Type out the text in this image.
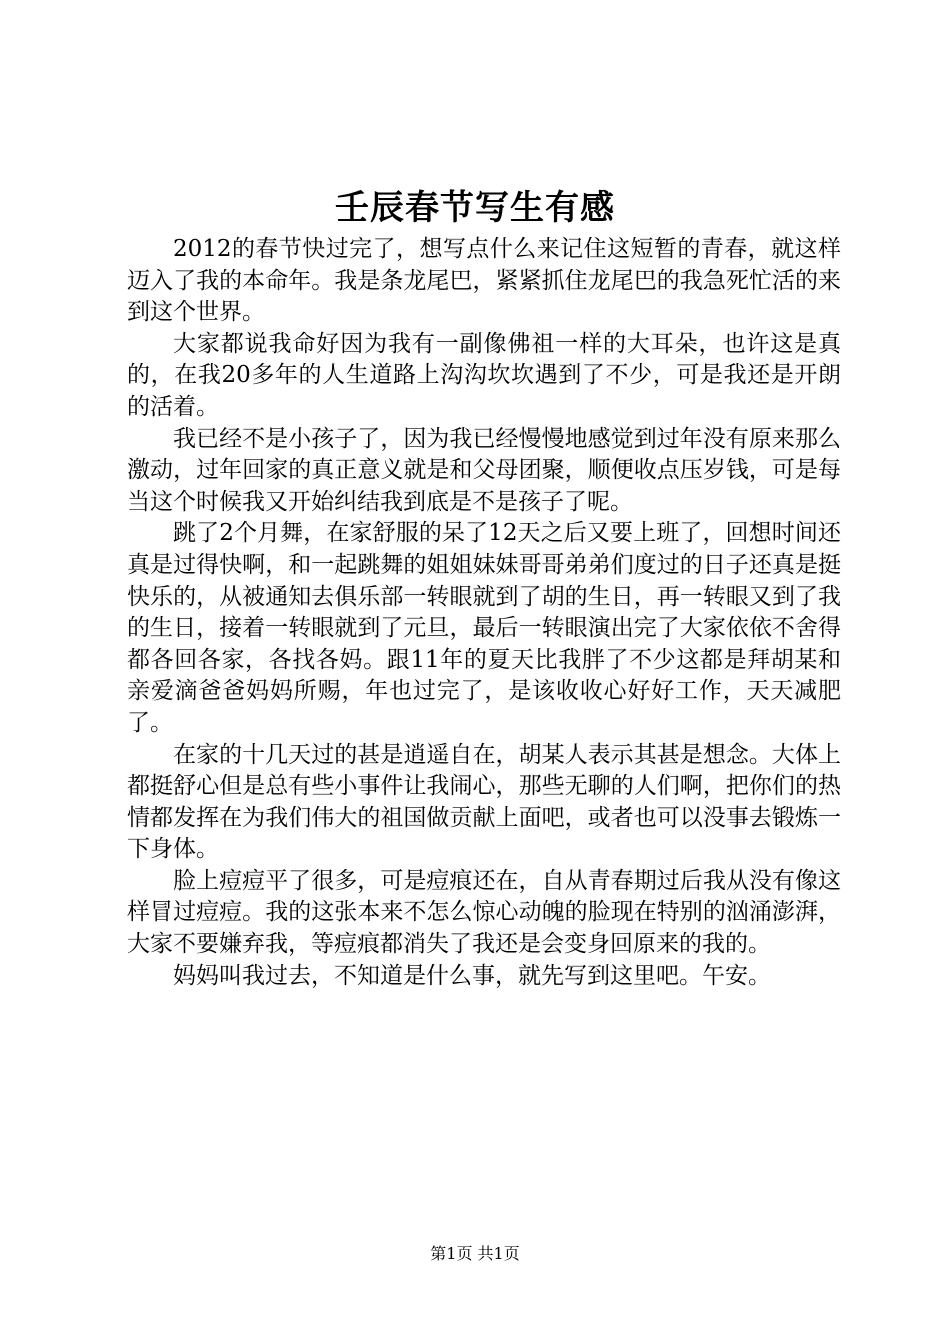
壬辰春节写生有感

2012的春节快过完了，想写点什么来记住这短暂的青春，就这样迈入了我的本命年。我是条龙尾巴，紧紧抓住龙尾巴的我急死忙活的来到这个世界。

大家都说我命好因为我有一副像佛祖一样的大耳朵，也许这是真的，在我20多年的人生道路上沟沟坎坎遇到了不少，可是我还是开朗的活着。

我已经不是小孩子了，因为我已经慢慢地感觉到过年没有原来那么激动，过年回家的真正意义就是和父母团聚，顺便收点压岁钱，可是每当这个时候我又开始纠结我到底是不是孩子了呢。

跳了2个月舞，在家舒服的呆了12天之后又要上班了，回想时间还真是过得快啊，和一起跳舞的姐姐妹妹哥哥弟弟们度过的日子还真是挺快乐的，从被通知去俱乐部一转眼就到了胡的生日，再一转眼又到了我的生日，接着一转眼就到了元旦，最后一转眼演出完了大家依依不舍得都各回各家，各找各妈。跟11年的夏天比我胖了不少这都是拜胡某和亲爱滴爸爸妈妈所赐，年也过完了，是该收收心好好工作，天天减肥了。

在家的十几天过的甚是逍遥自在，胡某人表示其甚是想念。大体上都挺舒心但是总有些小事件让我闹心，那些无聊的人们啊，把你们的热情都发挥在为我们伟大的祖国做贡献上面吧，或者也可以没事去锻炼一下身体。

脸上痘痘平了很多，可是痘痕还在，自从青春期过后我从没有像这样冒过痘痘。我的这张本来不怎么惊心动魄的脸现在特别的汹涌澎湃，大家不要嫌弃我，等痘痕都消失了我还是会变身回原来的我的。

妈妈叫我过去，不知道是什么事，就先写到这里吧。午安。

第1页 共1页
